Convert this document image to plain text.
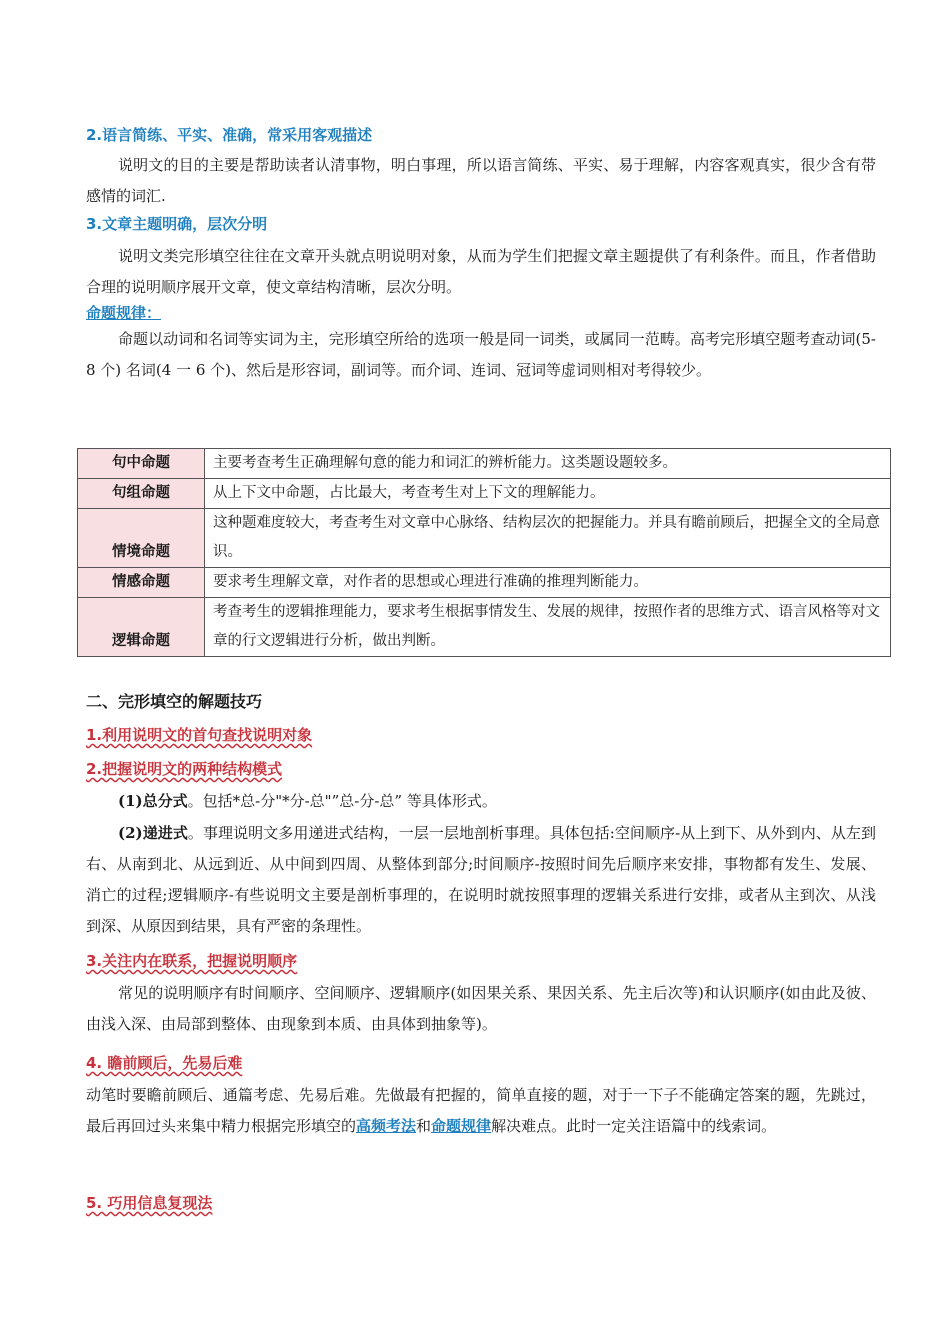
2.语言简练、平实、准确，常采用客观描述

说明文的目的主要是帮助读者认清事物，明白事理，所以语言简练、平实、易于理解，内容客观真实，很少含有带感情的词汇.

3.文章主题明确，层次分明

说明文类完形填空往往在文章开头就点明说明对象，从而为学生们把握文章主题提供了有利条件。而且，作者借助合理的说明顺序展开文章，使文章结构清晰，层次分明。

命题规律：

命题以动词和名词等实词为主，完形填空所给的选项一般是同一词类，或属同一范畴。高考完形填空题考查动词(5-8 个) 名词(4 一 6 个)、然后是形容词，副词等。而介词、连词、冠词等虚词则相对考得较少。

句中命题	主要考查考生正确理解句意的能力和词汇的辨析能力。这类题设题较多。
句组命题	从上下文中命题，占比最大，考查考生对上下文的理解能力。
情境命题	这种题难度较大，考查考生对文章中心脉络、结构层次的把握能力。并具有瞻前顾后，把握全文的全局意识。
情感命题	要求考生理解文章，对作者的思想或心理进行准确的推理判断能力。
逻辑命题	考查考生的逻辑推理能力，要求考生根据事情发生、发展的规律，按照作者的思维方式、语言风格等对文章的行文逻辑进行分析，做出判断。
二、完形填空的解题技巧
1.利用说明文的首句查找说明对象
2.把握说明文的两种结构模式

(1)总分式。包括*总-分"*分-总"”总-分-总” 等具体形式。

(2)递进式。事理说明文多用递进式结构，一层一层地剖析事理。具体包括:空间顺序-从上到下、从外到内、从左到右、从南到北、从远到近、从中间到四周、从整体到部分;时间顺序-按照时间先后顺序来安排，事物都有发生、发展、消亡的过程;逻辑顺序-有些说明文主要是剖析事理的，在说明时就按照事理的逻辑关系进行安排，或者从主到次、从浅到深、从原因到结果，具有严密的条理性。

3.关注内在联系，把握说明顺序

常见的说明顺序有时间顺序、空间顺序、逻辑顺序(如因果关系、果因关系、先主后次等)和认识顺序(如由此及彼、由浅入深、由局部到整体、由现象到本质、由具体到抽象等)。

4. 瞻前顾后，先易后难

动笔时要瞻前顾后、通篇考虑、先易后难。先做最有把握的，简单直接的题，对于一下子不能确定答案的题，先跳过，最后再回过头来集中精力根据完形填空的高频考法和命题规律解决难点。此时一定关注语篇中的线索词。

5. 巧用信息复现法
